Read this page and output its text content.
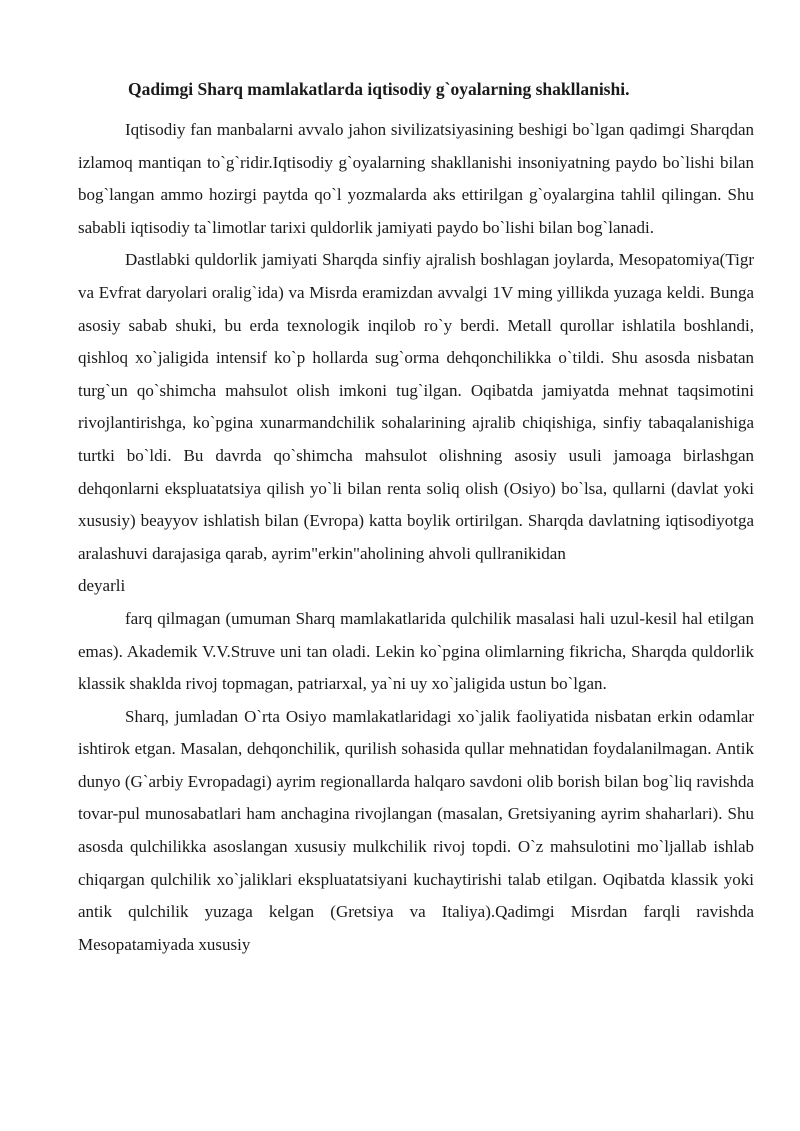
Qadimgi Sharq mamlakatlarda iqtisodiy g`oyalarning shakllanishi.

Iqtisodiy fan manbalarni avvalo jahon sivilizatsiyasining beshigi bo`lgan qadimgi Sharqdan izlamoq mantiqan to`g`ridir.Iqtisodiy g`oyalarning shakllanishi insoniyatning paydo bo`lishi bilan bog`langan ammo hozirgi paytda qo`l yozmalarda aks ettirilgan g`oyalargina tahlil qilingan. Shu sababli iqtisodiy ta`limotlar tarixi quldorlik jamiyati paydo bo`lishi bilan bog`lanadi.

Dastlabki quldorlik jamiyati Sharqda sinfiy ajralish boshlagan joylarda, Mesopatomiya(Tigr va Evfrat daryolari oralig`ida) va Misrda eramizdan avvalgi 1V ming yillikda yuzaga keldi. Bunga asosiy sabab shuki, bu erda texnologik inqilob ro`y berdi. Metall qurollar ishlatila boshlandi, qishloq xo`jaligida intensif ko`p hollarda sug`orma dehqonchilikka o`tildi. Shu asosda nisbatan turg`un qo`shimcha mahsulot olish imkoni tug`ilgan. Oqibatda jamiyatda mehnat taqsimotini rivojlantirishga, ko`pgina xunarmandchilik sohalarining ajralib chiqishiga, sinfiy tabaqalanishiga turtki bo`ldi. Bu davrda qo`shimcha mahsulot olishning asosiy usuli jamoaga birlashgan dehqonlarni ekspluatatsiya qilish yo`li bilan renta soliq olish (Osiyo) bo`lsa, qullarni (davlat yoki xususiy) beayyov ishlatish bilan (Evropa) katta boylik ortirilgan. Sharqda davlatning iqtisodiyotga aralashuvi darajasiga qarab, ayrim"erkin"aholining ahvoli qullranikidan

deyarli

farq qilmagan (umuman Sharq mamlakatlarida qulchilik masalasi hali uzul-kesil hal etilgan emas). Akademik V.V.Struve uni tan oladi. Lekin ko`pgina olimlarning fikricha, Sharqda quldorlik klassik shaklda rivoj topmagan, patriarxal, ya`ni uy xo`jaligida ustun bo`lgan.

Sharq, jumladan O`rta Osiyo mamlakatlaridagi xo`jalik faoliyatida nisbatan erkin odamlar ishtirok etgan. Masalan, dehqonchilik, qurilish sohasida qullar mehnatidan foydalanilmagan. Antik dunyo (G`arbiy Evropadagi) ayrim regionallarda halqaro savdoni olib borish bilan bog`liq ravishda tovar-pul munosabatlari ham anchagina rivojlangan (masalan, Gretsiyaning ayrim shaharlari). Shu asosda qulchilikka asoslangan xususiy mulkchilik rivoj topdi. O`z mahsulotini mo`ljallab ishlab chiqargan qulchilik xo`jaliklari ekspluatatsiyani kuchaytirishi talab etilgan. Oqibatda klassik yoki antik qulchilik yuzaga kelgan (Gretsiya va Italiya).Qadimgi Misrdan farqli ravishda Mesopatamiyada xususiy
